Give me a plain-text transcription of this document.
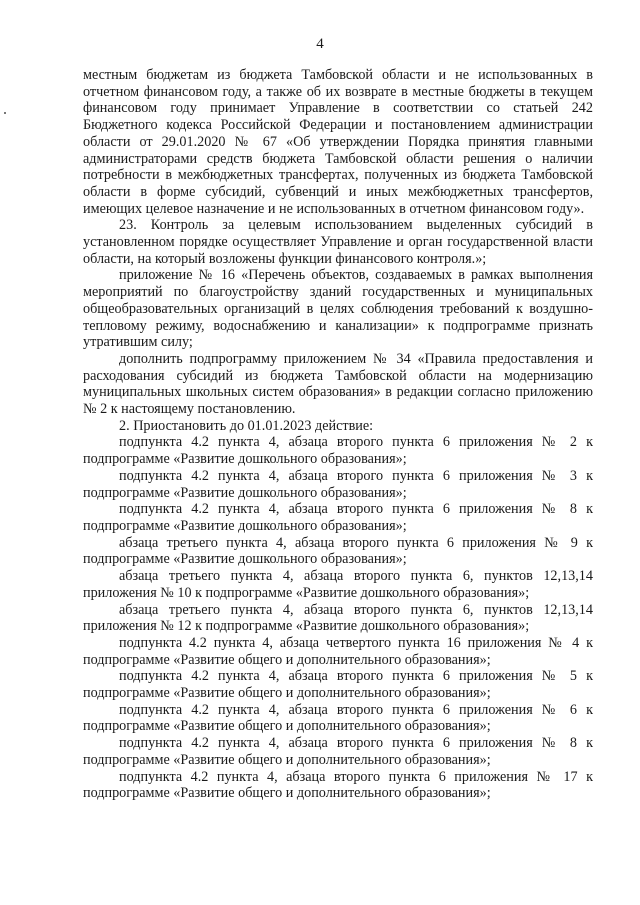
4

местным бюджетам из бюджета Тамбовской области и не использованных в отчетном финансовом году, а также об их возврате в местные бюджеты в текущем финансовом году принимает Управление в соответствии со статьей 242 Бюджетного кодекса Российской Федерации и постановлением администрации области от 29.01.2020 № 67 «Об утверждении Порядка принятия главными администраторами средств бюджета Тамбовской области решения о наличии потребности в межбюджетных трансфертах, полученных из бюджета Тамбовской области в форме субсидий, субвенций и иных межбюджетных трансфертов, имеющих целевое назначение и не использованных в отчетном финансовом году».

23. Контроль за целевым использованием выделенных субсидий в установленном порядке осуществляет Управление и орган государственной власти области, на который возложены функции финансового контроля.»;

приложение № 16 «Перечень объектов, создаваемых в рамках выполнения мероприятий по благоустройству зданий государственных и муниципальных общеобразовательных организаций в целях соблюдения требований к воздушно-тепловому режиму, водоснабжению и канализации» к подпрограмме признать утратившим силу;

дополнить подпрограмму приложением № 34 «Правила предоставления и расходования субсидий из бюджета Тамбовской области на модернизацию муниципальных школьных систем образования» в редакции согласно приложению № 2 к настоящему постановлению.

2. Приостановить до 01.01.2023 действие:

подпункта 4.2 пункта 4, абзаца второго пункта 6 приложения № 2 к подпрограмме «Развитие дошкольного образования»;

подпункта 4.2 пункта 4, абзаца второго пункта 6 приложения № 3 к подпрограмме «Развитие дошкольного образования»;

подпункта 4.2 пункта 4, абзаца второго пункта 6 приложения № 8 к подпрограмме «Развитие дошкольного образования»;

абзаца третьего пункта 4, абзаца второго пункта 6 приложения № 9 к подпрограмме «Развитие дошкольного образования»;

абзаца третьего пункта 4, абзаца второго пункта 6, пунктов 12,13,14 приложения № 10 к подпрограмме «Развитие дошкольного образования»;

абзаца третьего пункта 4, абзаца второго пункта 6, пунктов 12,13,14 приложения № 12 к подпрограмме «Развитие дошкольного образования»;

подпункта 4.2 пункта 4, абзаца четвертого пункта 16 приложения № 4 к подпрограмме «Развитие общего и дополнительного образования»;

подпункта 4.2 пункта 4, абзаца второго пункта 6 приложения № 5 к подпрограмме «Развитие общего и дополнительного образования»;

подпункта 4.2 пункта 4, абзаца второго пункта 6 приложения № 6 к подпрограмме «Развитие общего и дополнительного образования»;

подпункта 4.2 пункта 4, абзаца второго пункта 6 приложения № 8 к подпрограмме «Развитие общего и дополнительного образования»;

подпункта 4.2 пункта 4, абзаца второго пункта 6 приложения № 17 к подпрограмме «Развитие общего и дополнительного образования»;
